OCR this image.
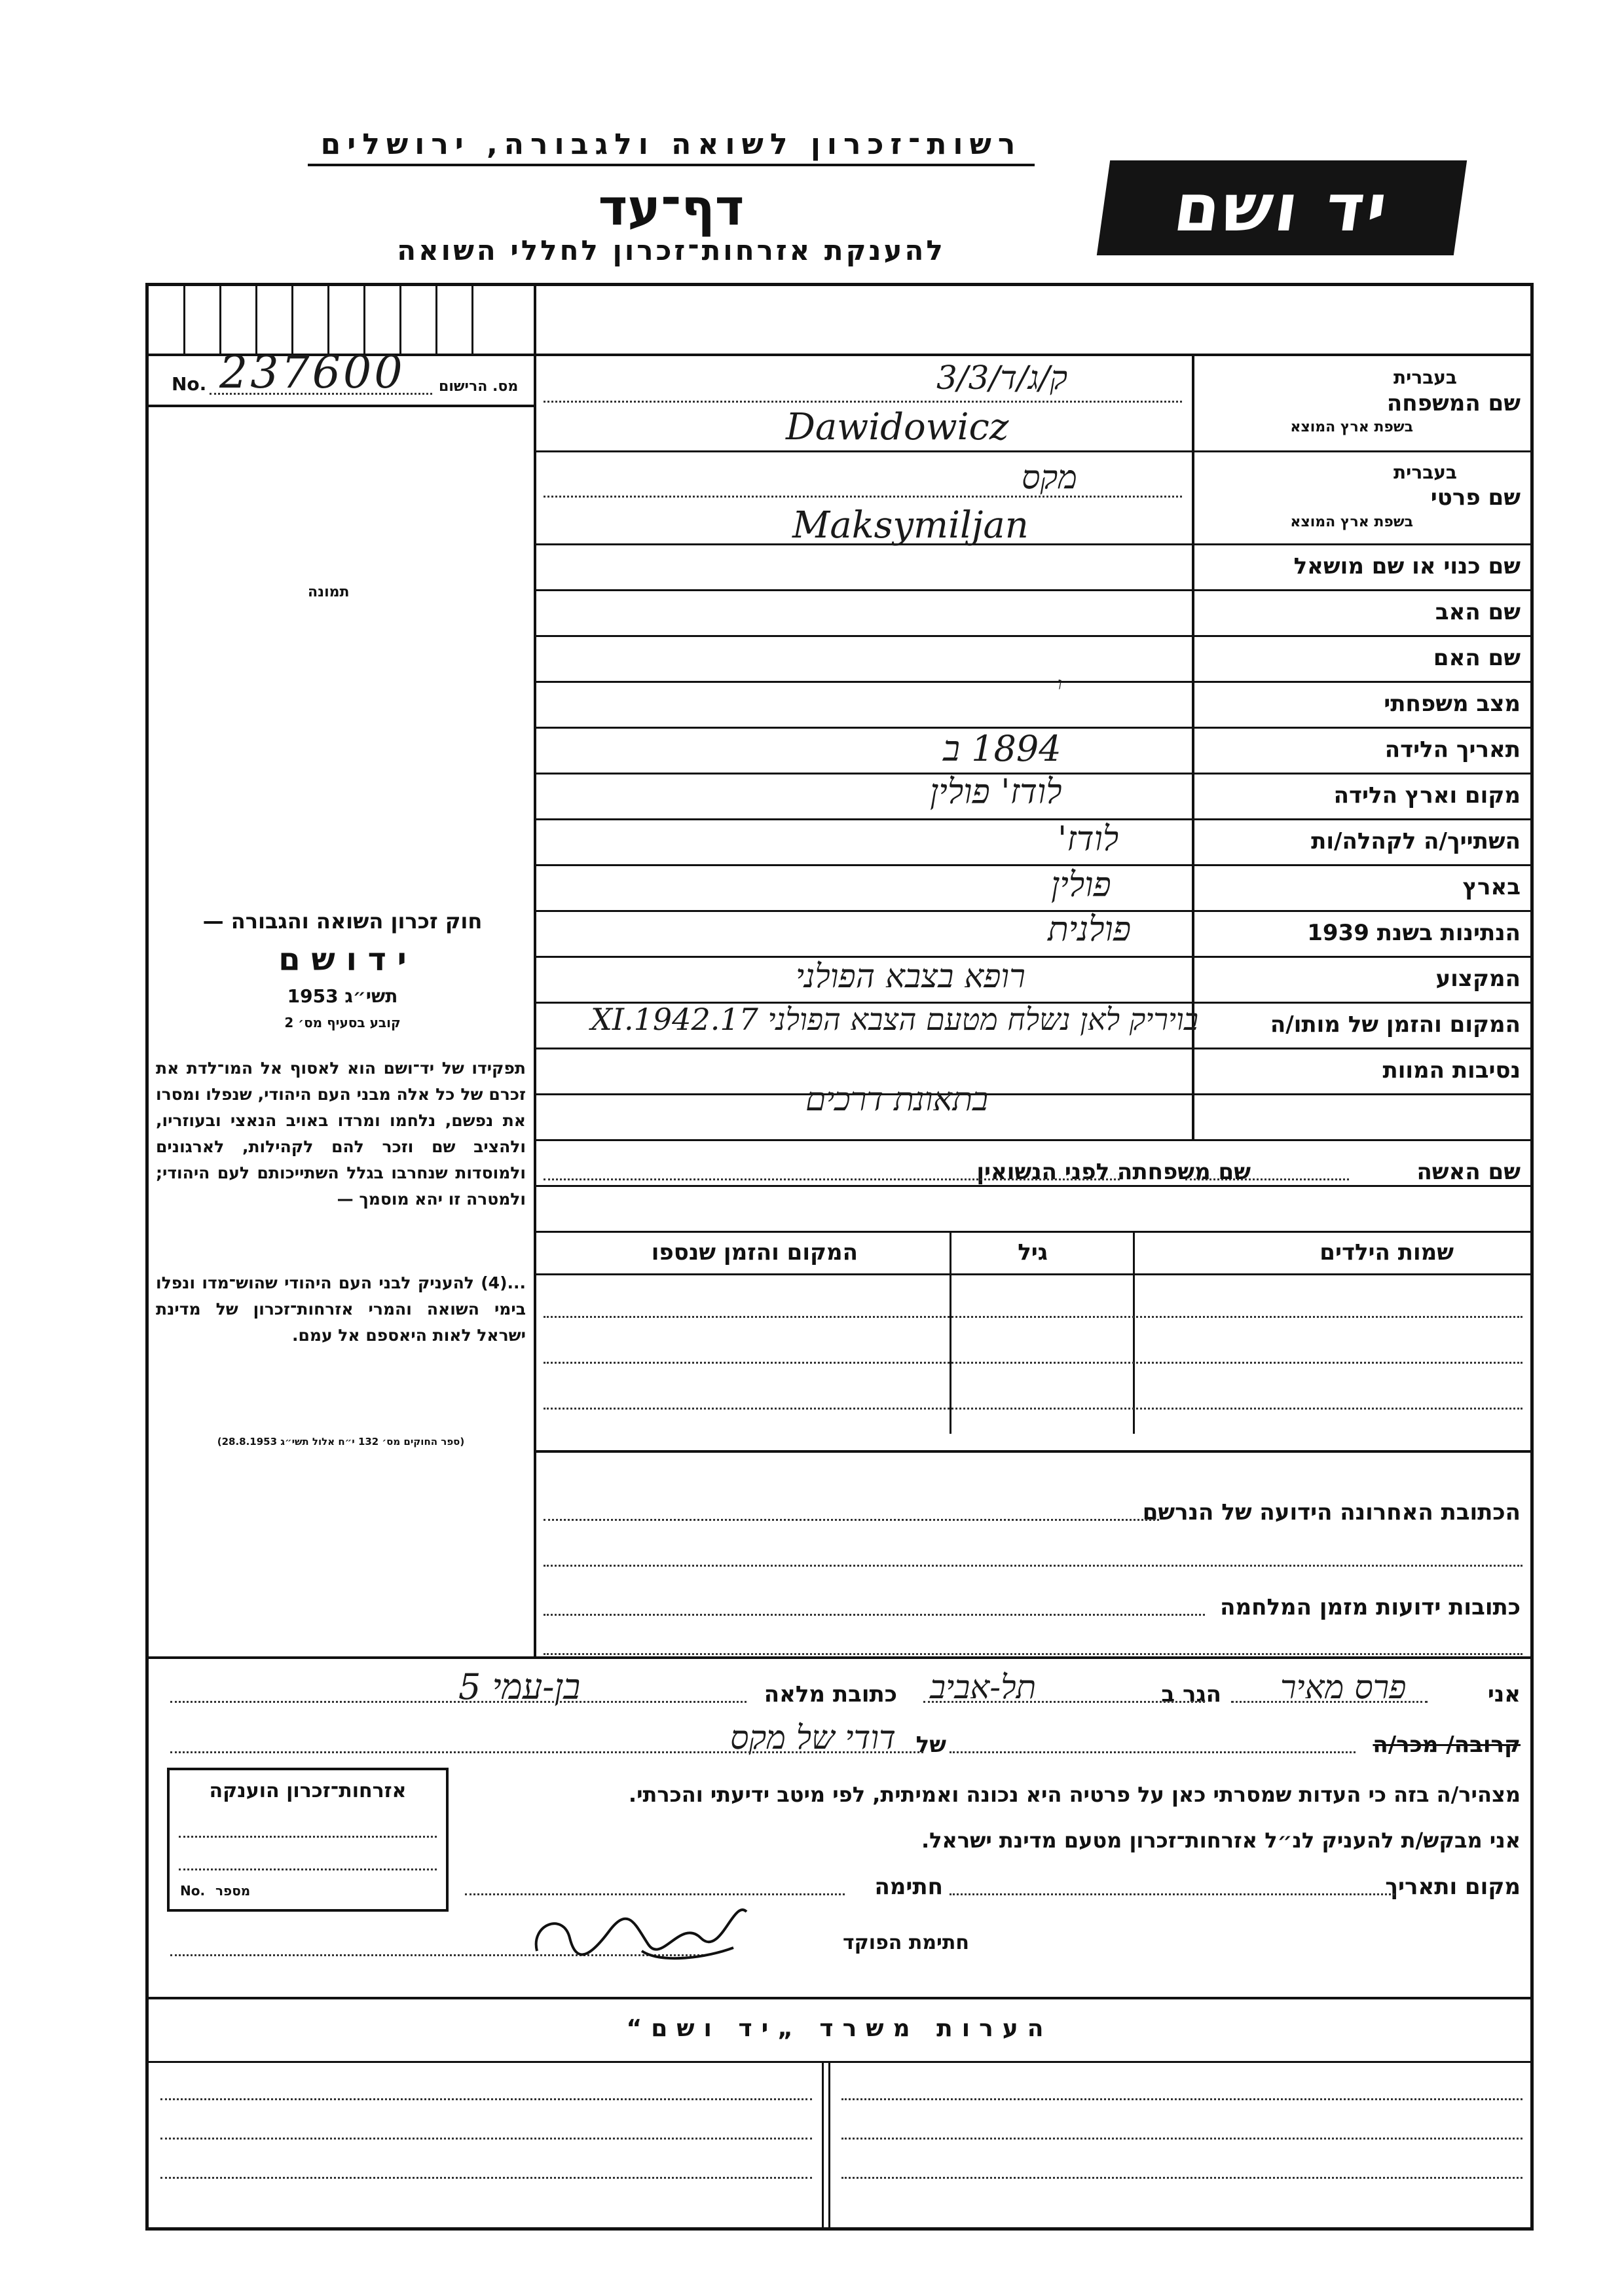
רשות־זכרון לשואה ולגבורה, ירושלים
דף־עד
להענקת אזרחות־זכרון לחללי השואה
יד ושם
No. 237600 מס. הרישום
תמונה
בעברית
שם המשפחה
בשפת ארץ המוצא
ק/ג/ד/3/3
Dawidowicz
בעברית
שם פרטי
בשפת ארץ המוצא
מקס
Maksymiljan
שם כנוי או שם מושאל
שם האב
שם האם
ו
מצב משפחתי
תאריך הלידה
1894 ב
מקום וארץ הלידה
לודז' פולין
השתייך/ה לקהלה/ות
לודז'
בארץ
פולין
הנתינות בשנת 1939
פולנית
המקצוע
רופא בצבא הפולני
המקום והזמן של מותו/ה
בויריק לאן נשלח מטעם הצבא הפולני 17.XI.1942
נסיבות המוות
בתאונת דרכים
שם האשה
שם משפחתה לפני הנשואין
שמות הילדים
גיל
המקום והזמן שנספו
הכתובת האחרונה הידועה של הנרשם
כתובות ידועות מזמן המלחמה
חוק זכרון השואה והגבורה —
י ד ו ש ם
תשי״ג 1953
קובע בסעיף מס׳ 2
תפקידו של יד־ושם הוא לאסוף אל המו־לדת את זכרם של כל אלה מבני העם היהודי, שנפלו ומסרו את נפשם, נלחמו ומרדו באויב הנאצי ובעוזריו, ולהציב שם וזכר להם לקהילות, לארגונים ולמוסדות שנחרבו בגלל השתייכותם לעם היהודי; ולמטרה זו יהא מוסמך —
...(4) להעניק לבני העם היהודי שהוש־מדו ונפלו בימי השואה והמרי אזרחות־זכרון של מדינת ישראל לאות היאספם אל עמם.
(ספר החוקים מס׳ 132 י״ח אלול תשי״ג 28.8.1953)
אני
פרס מאיר
הגר ב
תל-אביב
כתובת מלאה
בן-עמי 5
קרובה/ מכר/ה
של
דודי של מקס
מצהיר/ה בזה כי העדות שמסרתי כאן על פרטיה היא נכונה ואמיתית, לפי מיטב ידיעתי והכרתי.
אני מבקש/ת להעניק לנ״ל אזרחות־זכרון מטעם מדינת ישראל.
מקום ותאריך
חתימה
אזרחות־זכרון הוענקה
No. מספר
חתימת הפוקד
הערות משרד „יד ושם“
